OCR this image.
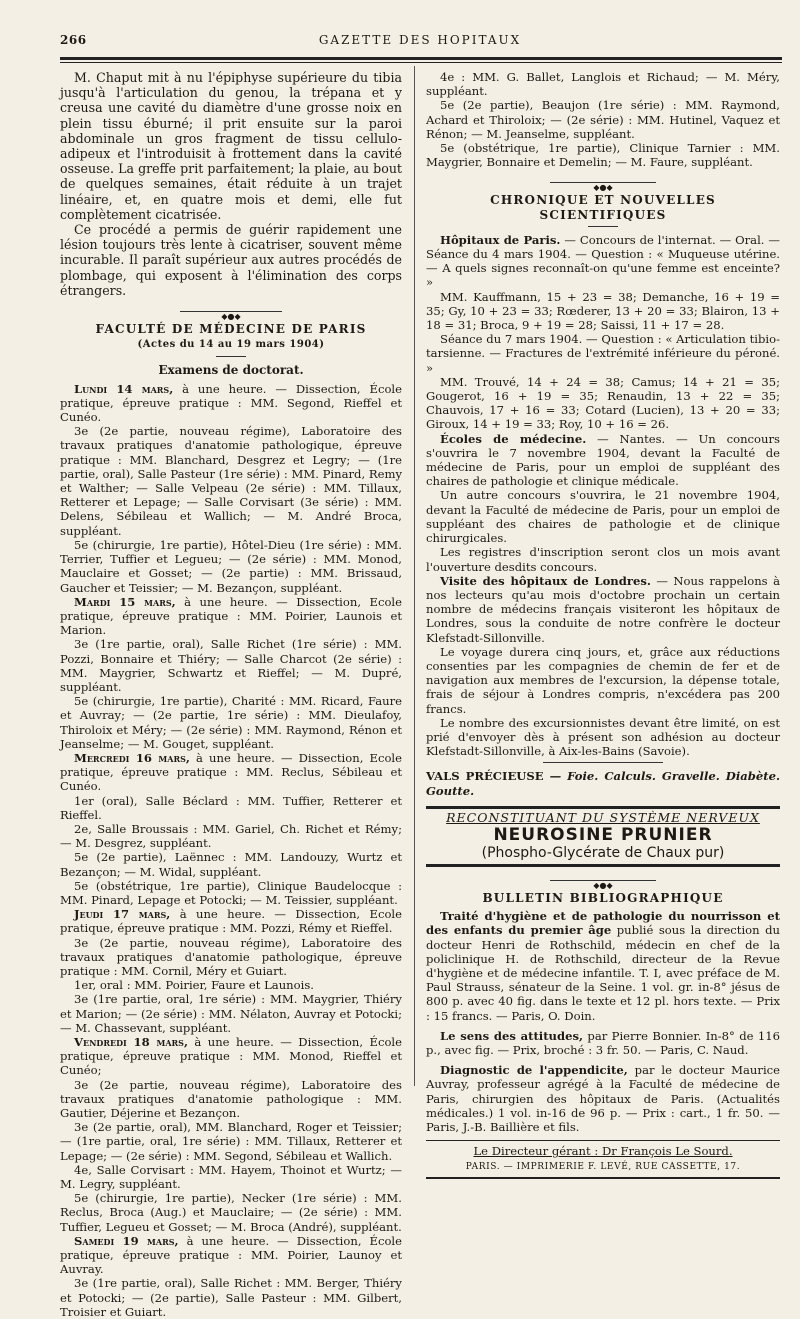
266	GAZETTE DES HOPITAUX

M. Chaput mit à nu l'épiphyse supérieure du tibia jusqu'à l'articulation du genou, la trépana et y creusa une cavité du diamètre d'une grosse noix en plein tissu éburné; il prit ensuite sur la paroi abdominale un gros fragment de tissu cellulo-adipeux et l'introduisit à frottement dans la cavité osseuse. La greffe prit parfaitement; la plaie, au bout de quelques semaines, était réduite à un trajet linéaire, et, en quatre mois et demi, elle fut complètement cicatrisée.

Ce procédé a permis de guérir rapidement une lésion toujours très lente à cicatriser, souvent même incurable. Il paraît supérieur aux autres procédés de plombage, qui exposent à l'élimination des corps étrangers.

◆●◆
FACULTÉ DE MÉDECINE DE PARIS
(Actes du 14 au 19 mars 1904)
Examens de doctorat.

Lundi 14 mars, à une heure. — Dissection, École pratique, épreuve pratique : MM. Segond, Rieffel et Cunéo.

3e (2e partie, nouveau régime), Laboratoire des travaux pratiques d'anatomie pathologique, épreuve pratique : MM. Blanchard, Desgrez et Legry; — (1re partie, oral), Salle Pasteur (1re série) : MM. Pinard, Remy et Walther; — Salle Velpeau (2e série) : MM. Tillaux, Retterer et Lepage; — Salle Corvisart (3e série) : MM. Delens, Sébileau et Wallich; — M. André Broca, suppléant.

5e (chirurgie, 1re partie), Hôtel-Dieu (1re série) : MM. Terrier, Tuffier et Legueu; — (2e série) : MM. Monod, Mauclaire et Gosset; — (2e partie) : MM. Brissaud, Gaucher et Teissier; — M. Bezançon, suppléant.

Mardi 15 mars, à une heure. — Dissection, Ecole pratique, épreuve pratique : MM. Poirier, Launois et Marion.

3e (1re partie, oral), Salle Richet (1re série) : MM. Pozzi, Bonnaire et Thiéry; — Salle Charcot (2e série) : MM. Maygrier, Schwartz et Rieffel; — M. Dupré, suppléant.

5e (chirurgie, 1re partie), Charité : MM. Ricard, Faure et Auvray; — (2e partie, 1re série) : MM. Dieulafoy, Thiroloix et Méry; — (2e série) : MM. Raymond, Rénon et Jeanselme; — M. Gouget, suppléant.

Mercredi 16 mars, à une heure. — Dissection, Ecole pratique, épreuve pratique : MM. Reclus, Sébileau et Cunéo.

1er (oral), Salle Béclard : MM. Tuffier, Retterer et Rieffel.

2e, Salle Broussais : MM. Gariel, Ch. Richet et Rémy; — M. Desgrez, suppléant.

5e (2e partie), Laënnec : MM. Landouzy, Wurtz et Bezançon; — M. Widal, suppléant.

5e (obstétrique, 1re partie), Clinique Baudelocque : MM. Pinard, Lepage et Potocki; — M. Teissier, suppléant.

Jeudi 17 mars, à une heure. — Dissection, Ecole pratique, épreuve pratique : MM. Pozzi, Rémy et Rieffel.

3e (2e partie, nouveau régime), Laboratoire des travaux pratiques d'anatomie pathologique, épreuve pratique : MM. Cornil, Méry et Guiart.

1er, oral : MM. Poirier, Faure et Launois.

3e (1re partie, oral, 1re série) : MM. Maygrier, Thiéry et Marion; — (2e série) : MM. Nélaton, Auvray et Potocki; — M. Chassevant, suppléant.

Vendredi 18 mars, à une heure. — Dissection, École pratique, épreuve pratique : MM. Monod, Rieffel et Cunéo;

3e (2e partie, nouveau régime), Laboratoire des travaux pratiques d'anatomie pathologique : MM. Gautier, Déjerine et Bezançon.

3e (2e partie, oral), MM. Blanchard, Roger et Teissier; — (1re partie, oral, 1re série) : MM. Tillaux, Retterer et Lepage; — (2e série) : MM. Segond, Sébileau et Wallich.

4e, Salle Corvisart : MM. Hayem, Thoinot et Wurtz; — M. Legry, suppléant.

5e (chirurgie, 1re partie), Necker (1re série) : MM. Reclus, Broca (Aug.) et Mauclaire; — (2e série) : MM. Tuffier, Legueu et Gosset; — M. Broca (André), suppléant.

Samedi 19 mars, à une heure. — Dissection, École pratique, épreuve pratique : MM. Poirier, Launoy et Auvray.

3e (1re partie, oral), Salle Richet : MM. Berger, Thiéry et Potocki; — (2e partie), Salle Pasteur : MM. Gilbert, Troisier et Guiart.

4e : MM. G. Ballet, Langlois et Richaud; — M. Méry, suppléant.

5e (2e partie), Beaujon (1re série) : MM. Raymond, Achard et Thiroloix; — (2e série) : MM. Hutinel, Vaquez et Rénon; — M. Jeanselme, suppléant.

5e (obstétrique, 1re partie), Clinique Tarnier : MM. Maygrier, Bonnaire et Demelin; — M. Faure, suppléant.

◆●◆
CHRONIQUE ET NOUVELLES SCIENTIFIQUES

Hôpitaux de Paris. — Concours de l'internat. — Oral. — Séance du 4 mars 1904. — Question : « Muqueuse utérine. — A quels signes reconnaît-on qu'une femme est enceinte? »

MM. Kauffmann, 15 + 23 = 38; Demanche, 16 + 19 = 35; Gy, 10 + 23 = 33; Rœderer, 13 + 20 = 33; Blairon, 13 + 18 = 31; Broca, 9 + 19 = 28; Saissi, 11 + 17 = 28.

Séance du 7 mars 1904. — Question : « Articulation tibio-tarsienne. — Fractures de l'extrémité inférieure du péroné. »

MM. Trouvé, 14 + 24 = 38; Camus; 14 + 21 = 35; Gougerot, 16 + 19 = 35; Renaudin, 13 + 22 = 35; Chauvois, 17 + 16 = 33; Cotard (Lucien), 13 + 20 = 33; Giroux, 14 + 19 = 33; Roy, 10 + 16 = 26.

Écoles de médecine. — Nantes. — Un concours s'ouvrira le 7 novembre 1904, devant la Faculté de médecine de Paris, pour un emploi de suppléant des chaires de pathologie et clinique médicale.

Un autre concours s'ouvrira, le 21 novembre 1904, devant la Faculté de médecine de Paris, pour un emploi de suppléant des chaires de pathologie et de clinique chirurgicales.

Les registres d'inscription seront clos un mois avant l'ouverture desdits concours.

Visite des hôpitaux de Londres. — Nous rappelons à nos lecteurs qu'au mois d'octobre prochain un certain nombre de médecins français visiteront les hôpitaux de Londres, sous la conduite de notre confrère le docteur Klefstadt-Sillonville.

Le voyage durera cinq jours, et, grâce aux réductions consenties par les compagnies de chemin de fer et de navigation aux membres de l'excursion, la dépense totale, frais de séjour à Londres compris, n'excédera pas 200 francs.

Le nombre des excursionnistes devant être limité, on est prié d'envoyer dès à présent son adhésion au docteur Klefstadt-Sillonville, à Aix-les-Bains (Savoie).

VALS PRÉCIEUSE — Foie. Calculs. Gravelle. Diabète. Goutte.
RECONSTITUANT DU SYSTÈME NERVEUX
NEUROSINE PRUNIER
(Phospho-Glycérate de Chaux pur)
◆●◆
BULLETIN BIBLIOGRAPHIQUE

Traité d'hygiène et de pathologie du nourrisson et des enfants du premier âge publié sous la direction du docteur Henri de Rothschild, médecin en chef de la policlinique H. de Rothschild, directeur de la Revue d'hygiène et de médecine infantile. T. I, avec préface de M. Paul Strauss, sénateur de la Seine. 1 vol. gr. in-8° jésus de 800 p. avec 40 fig. dans le texte et 12 pl. hors texte. — Prix : 15 francs. — Paris, O. Doin.

Le sens des attitudes, par Pierre Bonnier. In-8° de 116 p., avec fig. — Prix, broché : 3 fr. 50. — Paris, C. Naud.

Diagnostic de l'appendicite, par le docteur Maurice Auvray, professeur agrégé à la Faculté de médecine de Paris, chirurgien des hôpitaux de Paris. (Actualités médicales.) 1 vol. in-16 de 96 p. — Prix : cart., 1 fr. 50. — Paris, J.-B. Baillière et fils.

Le Directeur gérant : Dr François Le Sourd.
PARIS. — IMPRIMERIE F. LEVÉ, RUE CASSETTE, 17.
